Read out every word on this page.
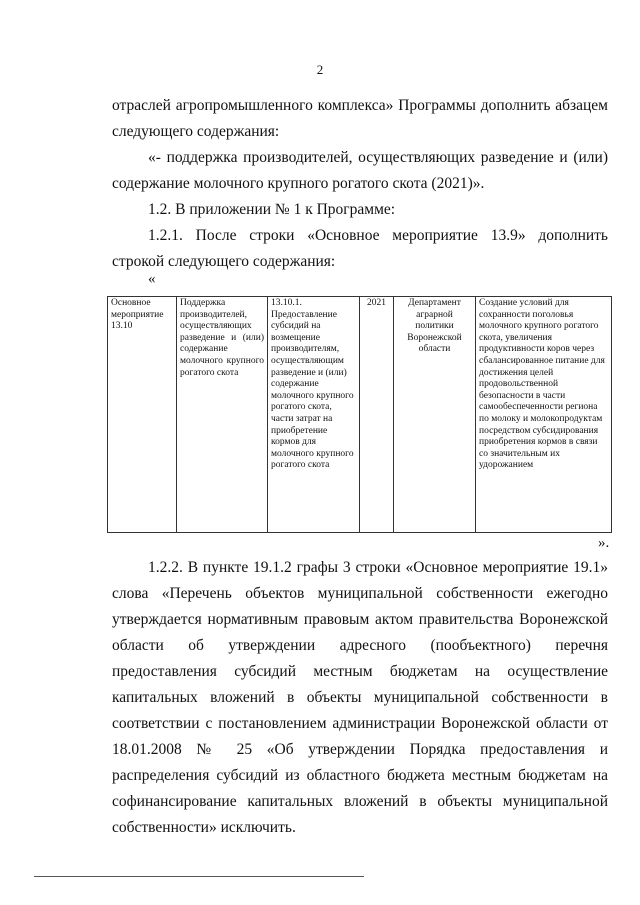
2
отраслей агропромышленного комплекса» Программы дополнить абзацем следующего содержания:
«- поддержка производителей, осуществляющих разведение и (или) содержание молочного крупного рогатого скота (2021)».
1.2. В приложении № 1 к Программе:
1.2.1. После строки «Основное мероприятие 13.9» дополнить строкой следующего содержания:
«
Основное мероприятие 13.10	Поддержка производителей, осуществляющих разведение и (или) содержание молочного крупного рогатого скота	13.10.1. Предоставление субсидий на возмещение производителям, осуществляющим разведение и (или) содержание молочного крупного рогатого скота, части затрат на приобретение кормов для молочного крупного рогатого скота	2021	Департамент аграрной политики Воронежской области	Создание условий для сохранности поголовья молочного крупного рогатого скота, увеличения продуктивности коров через сбалансированное питание для достижения целей продовольственной безопасности в части самообеспеченности региона по молоку и молокопродуктам посредством субсидирования приобретения кормов в связи со значительным их удорожанием
».
1.2.2. В пункте 19.1.2 графы 3 строки «Основное мероприятие 19.1» слова «Перечень объектов муниципальной собственности ежегодно утверждается нормативным правовым актом правительства Воронежской области об утверждении адресного (пообъектного) перечня предоставления субсидий местным бюджетам на осуществление капитальных вложений в объекты муниципальной собственности в соответствии с постановлением администрации Воронежской области от 18.01.2008 № 25 «Об утверждении Порядка предоставления и распределения субсидий из областного бюджета местным бюджетам на софинансирование капитальных вложений в объекты муниципальной собственности» исключить.
